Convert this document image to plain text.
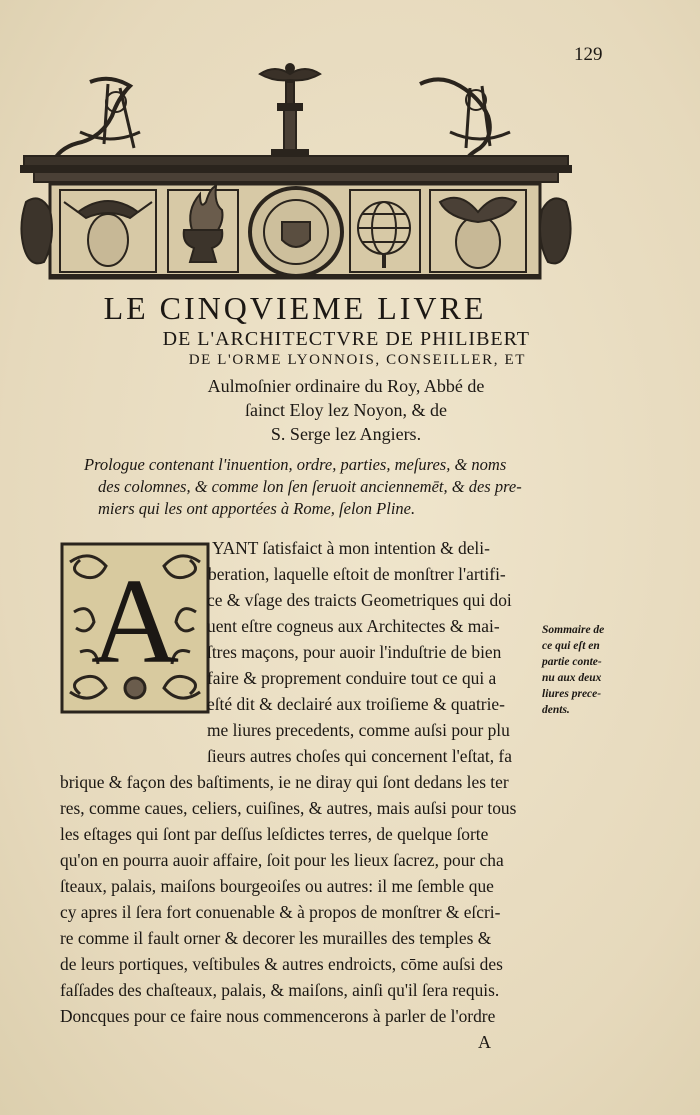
129
LE CINQVIEME LIVRE
DE L'ARCHITECTVRE DE PHILIBERT
DE L'ORME LYONNOIS, CONSEILLER, ET
Aulmoſnier ordinaire du Roy, Abbé de
ſainct Eloy lez Noyon, & de
S. Serge lez Angiers.
Prologue contenant l'inuention, ordre, parties, meſures, & noms
des colomnes, & comme lon ſen ſeruoit anciennemēt, & des pre-
miers qui les ont apportées à Rome, ſelon Pline.
A
YANT ſatisfaict à mon intention & deli-
beration, laquelle eſtoit de monſtrer l'artifi-
ce & vſage des traicts Geometriques qui doi
uent eſtre cogneus aux Architectes & mai-
ſtres maçons, pour auoir l'induſtrie de bien
faire & proprement conduire tout ce qui a
eſté dit & declairé aux troiſieme & quatrie-
me liures precedents, comme auſsi pour plu
ſieurs autres choſes qui concernent l'eſtat, fa
brique & façon des baſtiments, ie ne diray qui ſont dedans les ter
res, comme caues, celiers, cuiſines, & autres, mais auſsi pour tous
les eſtages qui ſont par deſſus leſdictes terres, de quelque ſorte
qu'on en pourra auoir affaire, ſoit pour les lieux ſacrez, pour cha
ſteaux, palais, maiſons bourgeoiſes ou autres: il me ſemble que
cy apres il ſera fort conuenable & à propos de monſtrer & eſcri-
re comme il fault orner & decorer les murailles des temples &
de leurs portiques, veſtibules & autres endroicts, cōme auſsi des
faſſades des chaſteaux, palais, & maiſons, ainſi qu'il ſera requis.
Doncques pour ce faire nous commencerons à parler de l'ordre
Sommaire de
ce qui eſt en
partie conte-
nu aux deux
liures prece-
dents.
A
